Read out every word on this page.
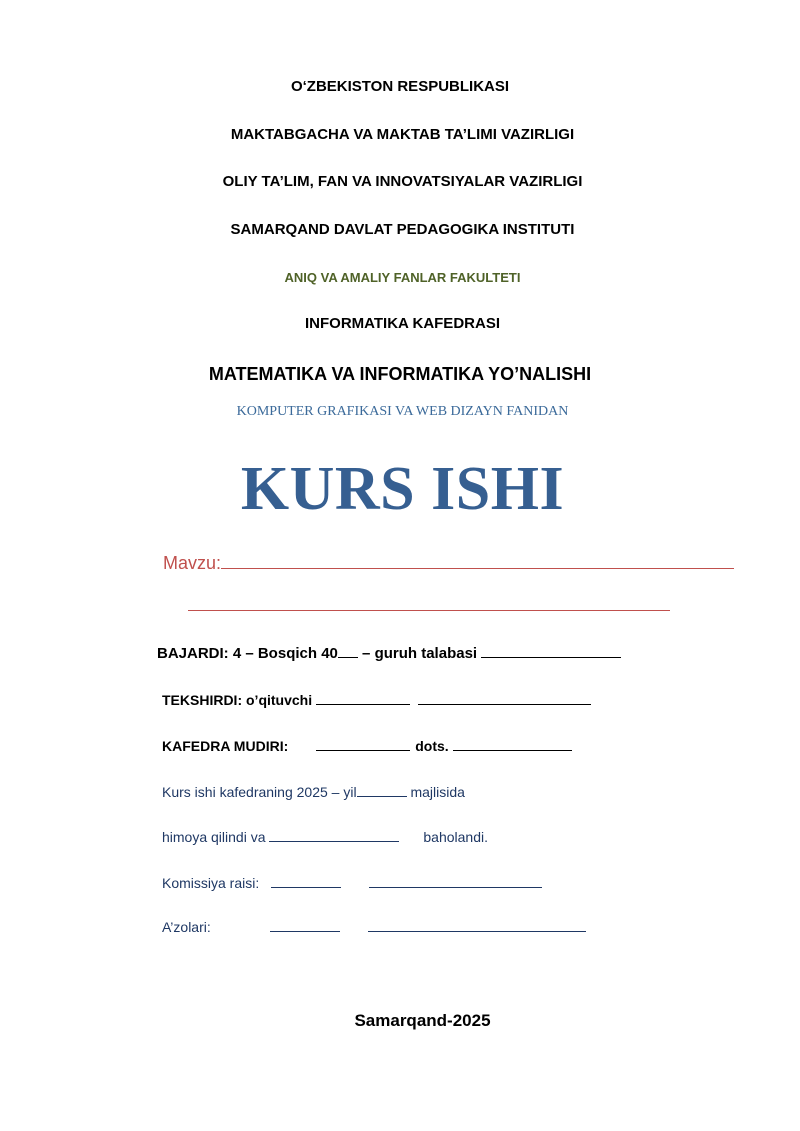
O‘ZBEKISTON RESPUBLIKASI
MAKTABGACHA VA MAKTAB TA’LIMI VAZIRLIGI
OLIY TA’LIM, FAN VA INNOVATSIYALAR VAZIRLIGI
SAMARQAND DAVLAT PEDAGOGIKA INSTITUTI
ANIQ VA AMALIY FANLAR FAKULTETI
INFORMATIKA KAFEDRASI
MATEMATIKA VA INFORMATIKA YO’NALISHI
KOMPUTER GRAFIKASI VA WEB DIZAYN FANIDAN
KURS ISHI
Mavzu:
BAJARDI: 4 – Bosqich 40 – guruh talabasi
TEKSHIRDI: o’qituvchi
KAFEDRA MUDIRI:	dots.
Kurs ishi kafedraning 2025 – yil	majlisida
himoya qilindi va	baholandi.
Komissiya raisi:
A’zolari:
Samarqand-2025
